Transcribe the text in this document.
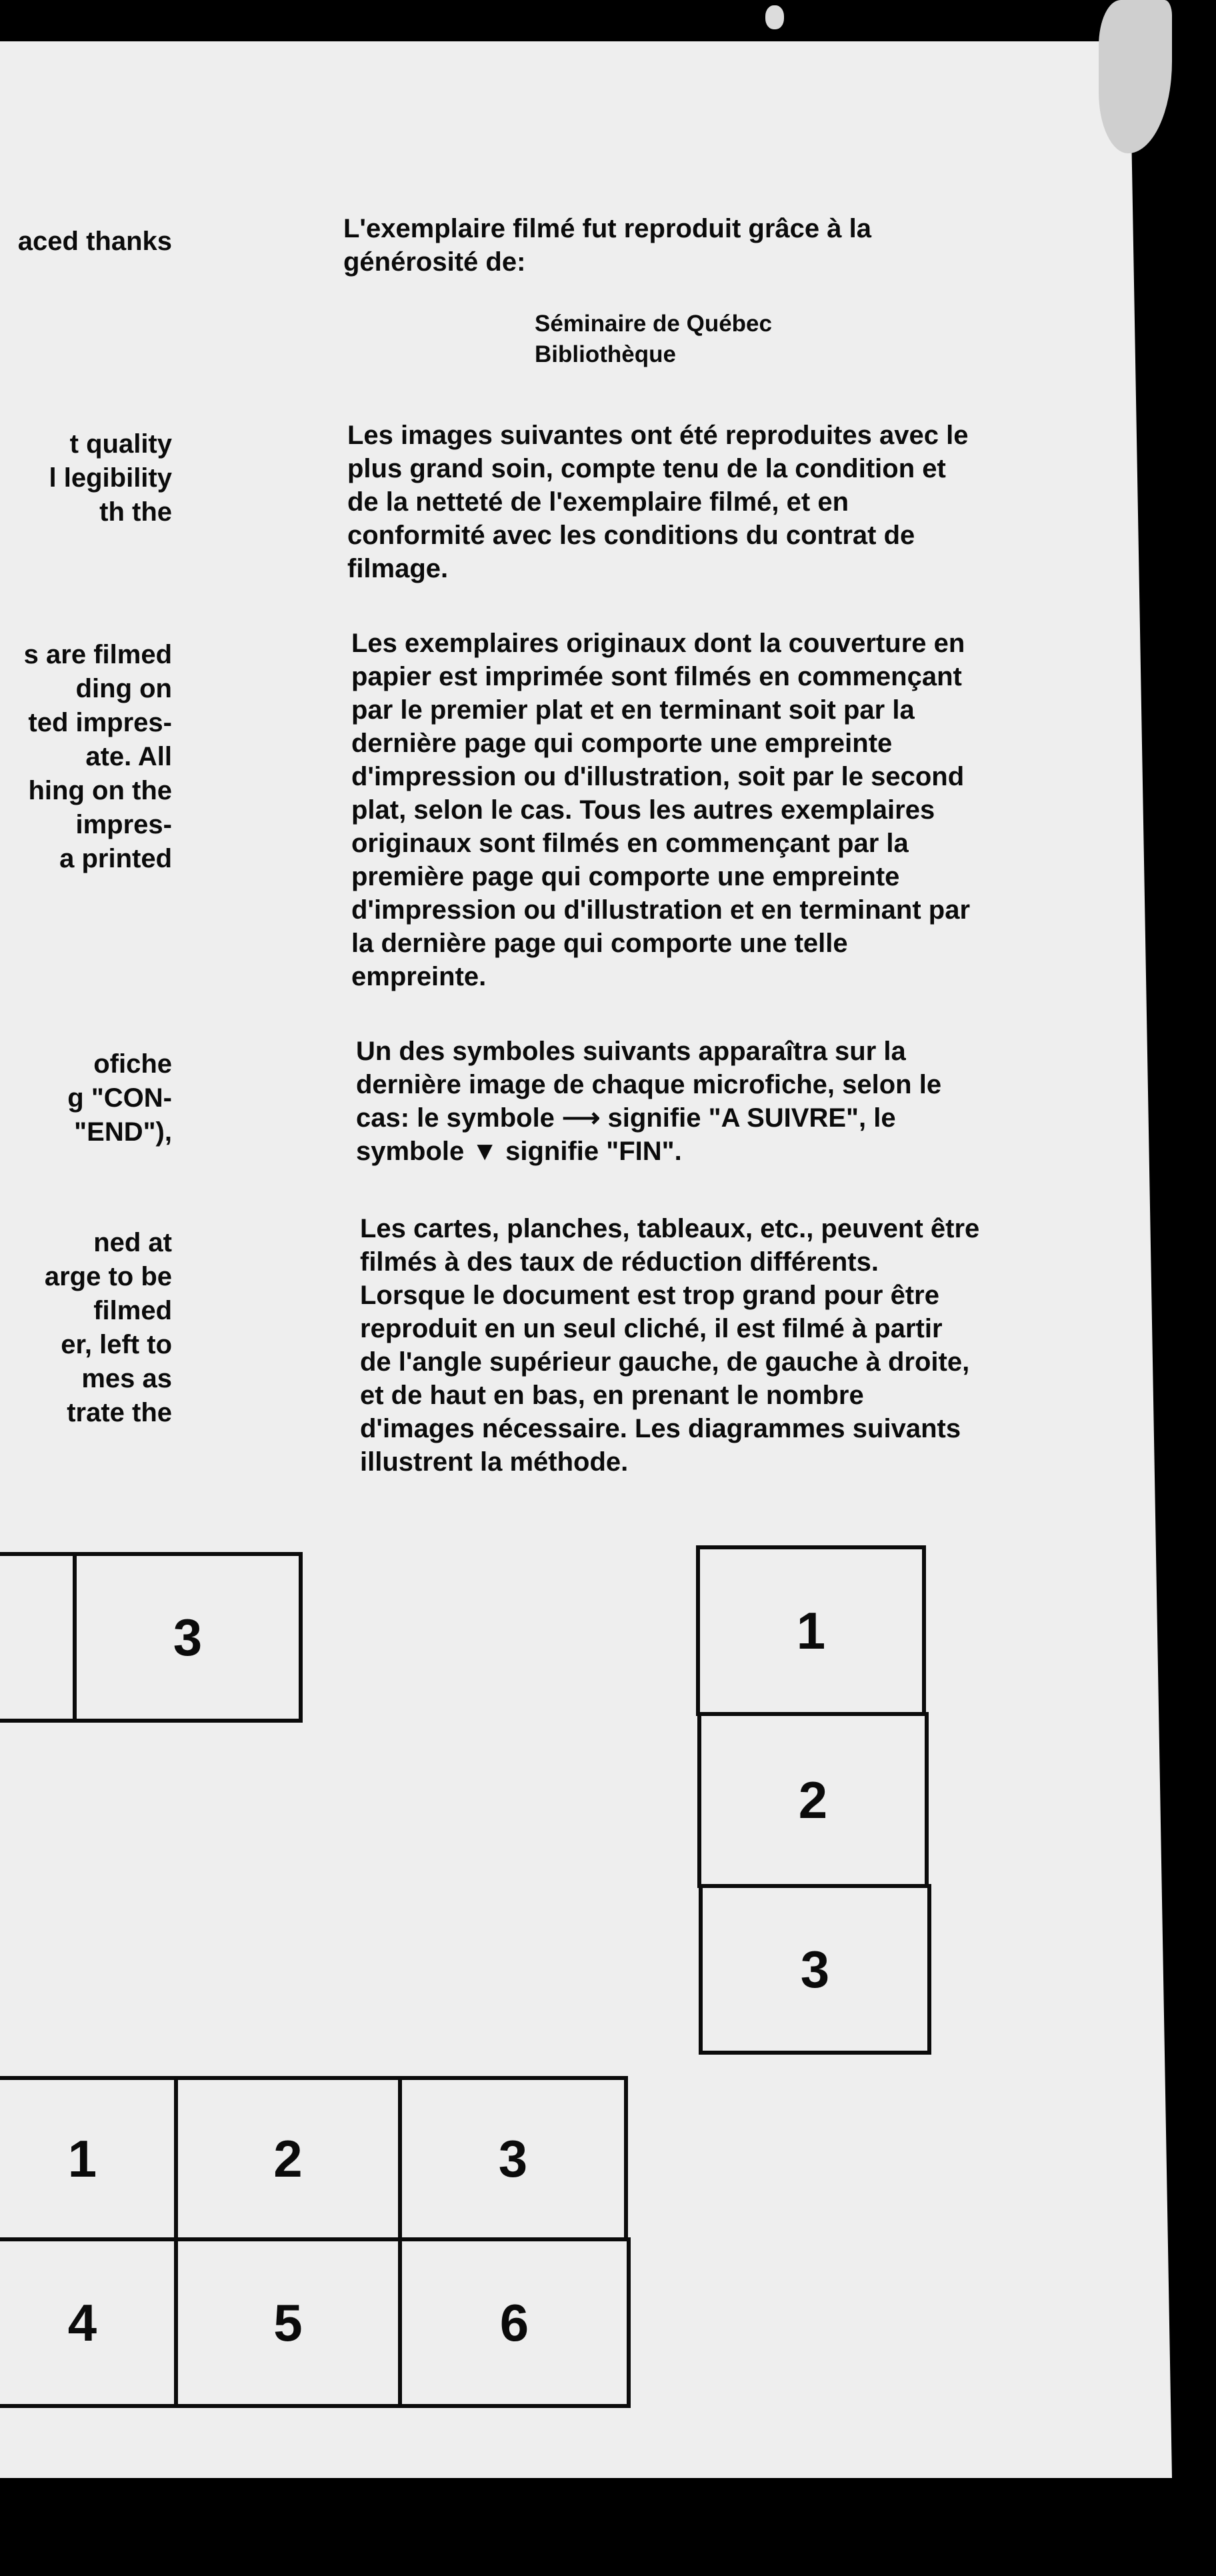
aced thanks
t quality
l legibility
th the
s are filmed
ding on
ted impres-
ate. All
hing on the
impres-
a printed
ofiche
g "CON-
"END"),
ned at
arge to be
filmed
er, left to
mes as
trate the
L'exemplaire filmé fut reproduit grâce à la
générosité de:
Séminaire de Québec
Bibliothèque
Les images suivantes ont été reproduites avec le
plus grand soin, compte tenu de la condition et
de la netteté de l'exemplaire filmé, et en
conformité avec les conditions du contrat de
filmage.
Les exemplaires originaux dont la couverture en
papier est imprimée sont filmés en commençant
par le premier plat et en terminant soit par la
dernière page qui comporte une empreinte
d'impression ou d'illustration, soit par le second
plat, selon le cas. Tous les autres exemplaires
originaux sont filmés en commençant par la
première page qui comporte une empreinte
d'impression ou d'illustration et en terminant par
la dernière page qui comporte une telle
empreinte.
Un des symboles suivants apparaîtra sur la
dernière image de chaque microfiche, selon le
cas: le symbole ⟶ signifie "A SUIVRE", le
symbole ▼ signifie "FIN".
Les cartes, planches, tableaux, etc., peuvent être
filmés à des taux de réduction différents.
Lorsque le document est trop grand pour être
reproduit en un seul cliché, il est filmé à partir
de l'angle supérieur gauche, de gauche à droite,
et de haut en bas, en prenant le nombre
d'images nécessaire. Les diagrammes suivants
illustrent la méthode.
3	1
2
3
1	2	3
4	5	6
